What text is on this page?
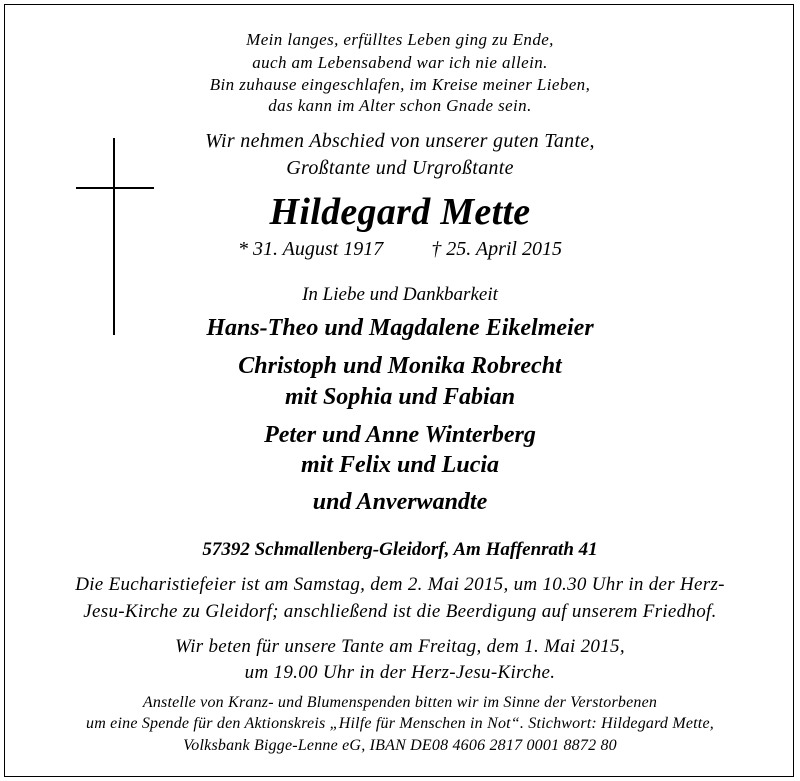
Mein langes, erfülltes Leben ging zu Ende,
auch am Lebensabend war ich nie allein.
Bin zuhause eingeschlafen, im Kreise meiner Lieben,
das kann im Alter schon Gnade sein.
Wir nehmen Abschied von unserer guten Tante,
Großtante und Urgroßtante
Hildegard Mette
* 31. August 1917 † 25. April 2015
In Liebe und Dankbarkeit
Hans-Theo und Magdalene Eikelmeier
Christoph und Monika Robrecht
mit Sophia und Fabian
Peter und Anne Winterberg
mit Felix und Lucia
und Anverwandte
57392 Schmallenberg-Gleidorf, Am Haffenrath 41
Die Eucharistiefeier ist am Samstag, dem 2. Mai 2015, um 10.30 Uhr in der Herz-
Jesu-Kirche zu Gleidorf; anschließend ist die Beerdigung auf unserem Friedhof.
Wir beten für unsere Tante am Freitag, dem 1. Mai 2015,
um 19.00 Uhr in der Herz-Jesu-Kirche.
Anstelle von Kranz- und Blumenspenden bitten wir im Sinne der Verstorbenen
um eine Spende für den Aktionskreis „Hilfe für Menschen in Not“. Stichwort: Hildegard Mette,
Volksbank Bigge-Lenne eG, IBAN DE08 4606 2817 0001 8872 80
